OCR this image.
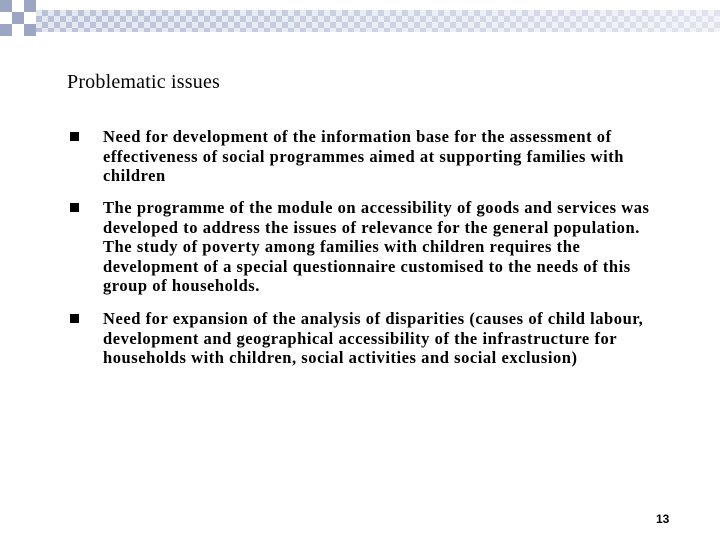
Problematic issues
Need for development of the information base for the assessment of effectiveness of social programmes aimed at supporting families with children
The programme of the module on accessibility of goods and services was developed to address the issues of relevance for the general population. The study of poverty among families with children requires the development of a special questionnaire customised to the needs of this group of households.
Need for expansion of the analysis of disparities (causes of child labour, development and geographical accessibility of the infrastructure for households with children, social activities and social exclusion)
13
